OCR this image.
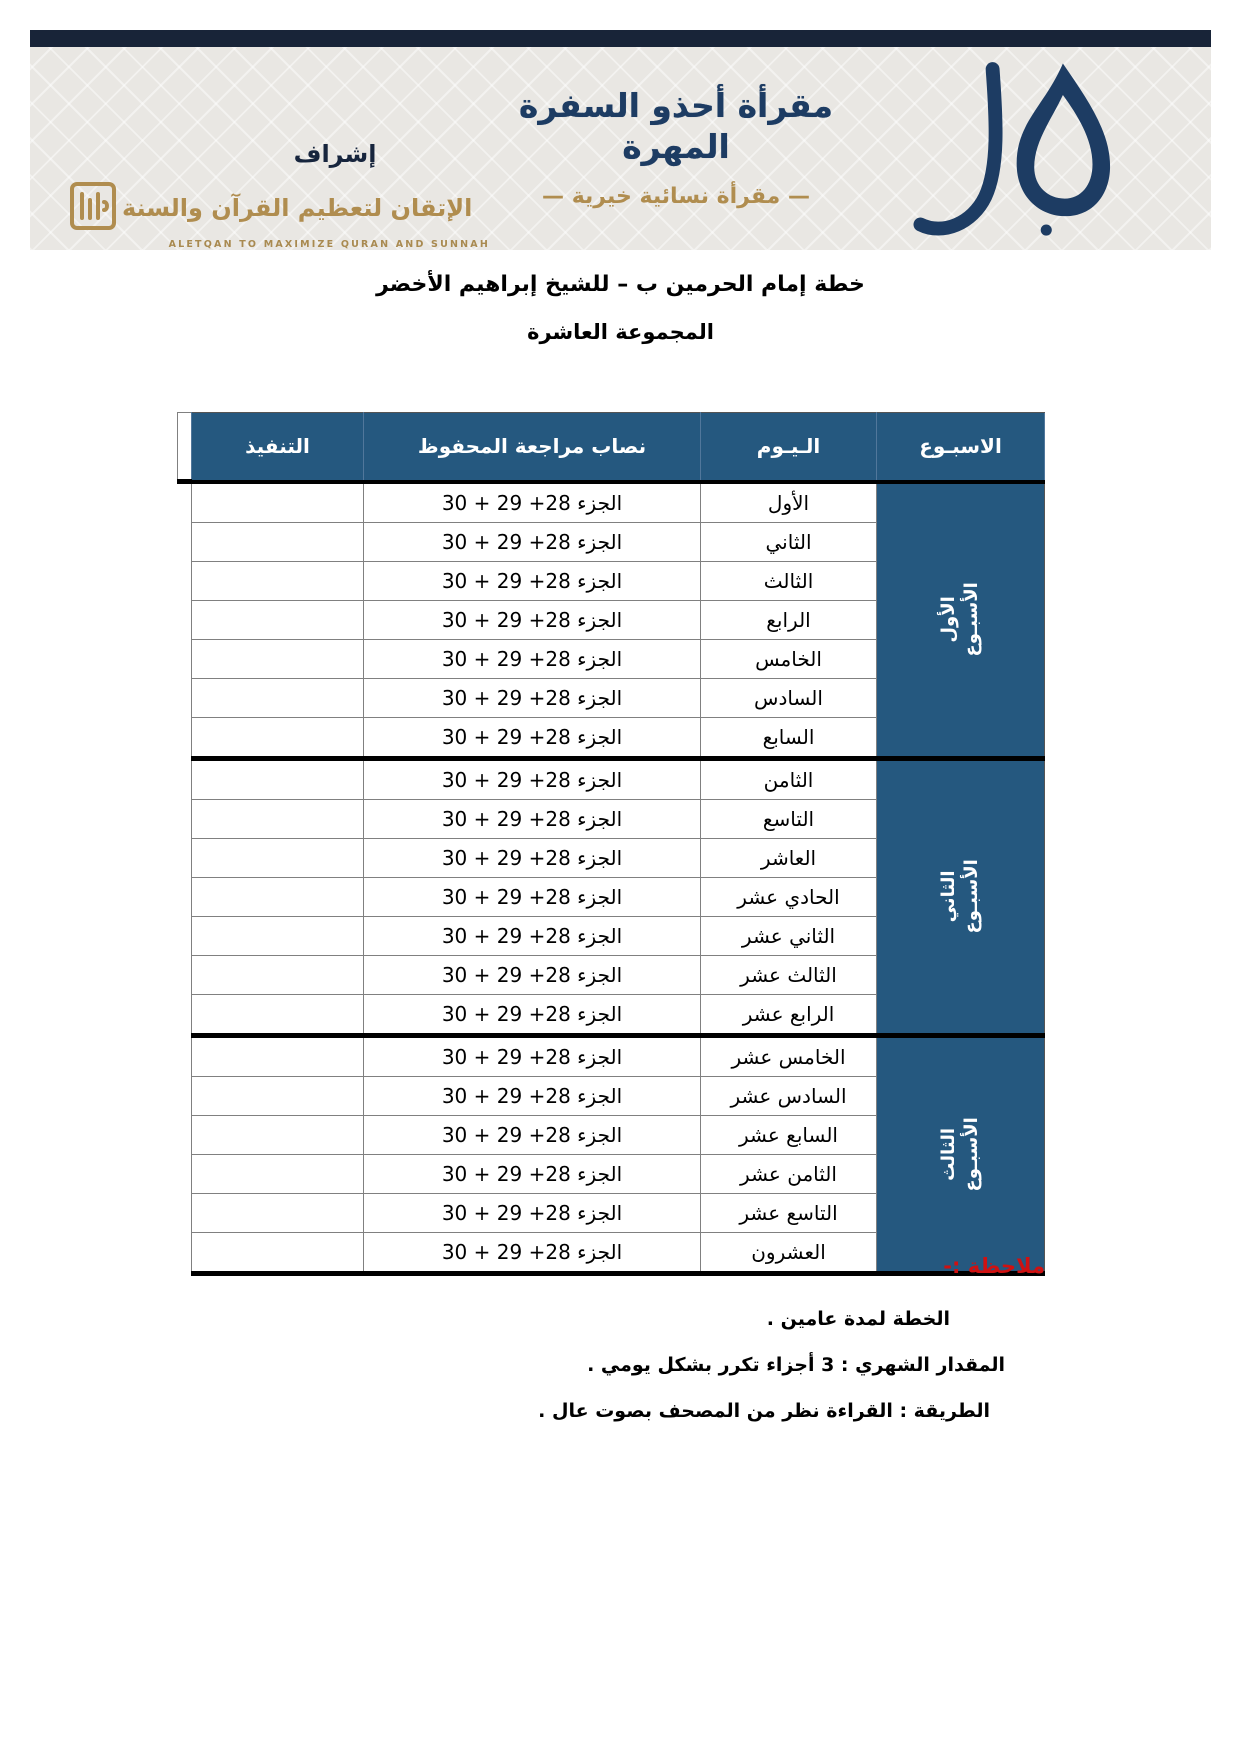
مقرأة أحذو السفرة المهرة
— مقرأة نسائية خيرية —
إشراف
الإتقان لتعظيم القرآن والسنة
ALETQAN TO MAXIMIZE QURAN AND SUNNAH
خطة إمام الحرمين ب – للشيخ إبراهيم الأخضر
المجموعة العاشرة
الاسبـوع	الـيـوم	نصاب مراجعة المحفوظ	التنفيذ	

الأسبـوع
الأول	الأول	الجزء 28+ 29 + 30		
	الثاني	الجزء 28+ 29 + 30		
	الثالث	الجزء 28+ 29 + 30		
	الرابع	الجزء 28+ 29 + 30		
	الخامس	الجزء 28+ 29 + 30		
	السادس	الجزء 28+ 29 + 30		
	السابع	الجزء 28+ 29 + 30		

الأسبـوع
الثاني	الثامن	الجزء 28+ 29 + 30		
	التاسع	الجزء 28+ 29 + 30		
	العاشر	الجزء 28+ 29 + 30		
	الحادي عشر	الجزء 28+ 29 + 30		
	الثاني عشر	الجزء 28+ 29 + 30		
	الثالث عشر	الجزء 28+ 29 + 30		
	الرابع عشر	الجزء 28+ 29 + 30		

الأسبـوع
الثالث	الخامس عشر	الجزء 28+ 29 + 30		
	السادس عشر	الجزء 28+ 29 + 30		
	السابع عشر	الجزء 28+ 29 + 30		
	الثامن عشر	الجزء 28+ 29 + 30		
	التاسع عشر	الجزء 28+ 29 + 30		
	العشرون	الجزء 28+ 29 + 30		
ملاحظة :-
الخطة لمدة عامين .
المقدار الشهري : 3 أجزاء تكرر بشكل يومي .
الطريقة : القراءة نظر من المصحف بصوت عال .
